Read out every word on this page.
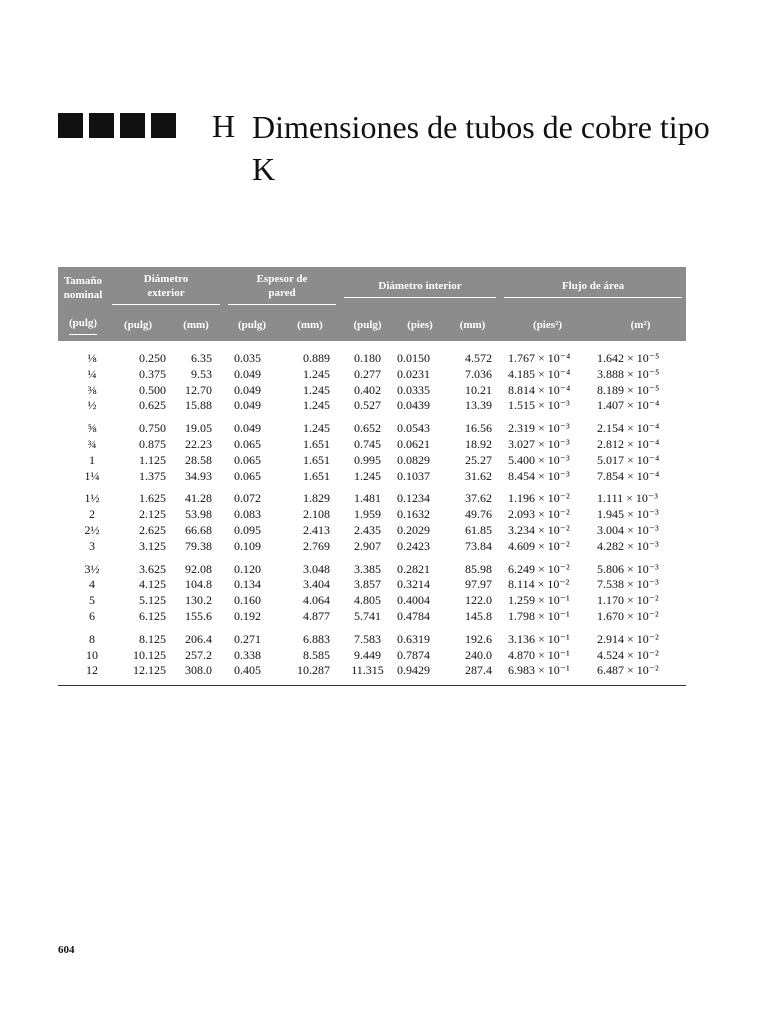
H Dimensiones de tubos de cobre tipo K
Tamaño nominal	Diámetro exterior		Espesor de pared		Diámetro interior			Flujo de área	

(pulg)	(pulg)	(mm)	(pulg)	(mm)	(pulg)	(pies)	(mm)	(pies²)	(m²)
⅛	0.250	6.35	0.035	0.889	0.180	0.0150	4.572	1.767 × 10⁻⁴	1.642 × 10⁻⁵
¼	0.375	9.53	0.049	1.245	0.277	0.0231	7.036	4.185 × 10⁻⁴	3.888 × 10⁻⁵
⅜	0.500	12.70	0.049	1.245	0.402	0.0335	10.21	8.814 × 10⁻⁴	8.189 × 10⁻⁵
½	0.625	15.88	0.049	1.245	0.527	0.0439	13.39	1.515 × 10⁻³	1.407 × 10⁻⁴
⅝	0.750	19.05	0.049	1.245	0.652	0.0543	16.56	2.319 × 10⁻³	2.154 × 10⁻⁴
¾	0.875	22.23	0.065	1.651	0.745	0.0621	18.92	3.027 × 10⁻³	2.812 × 10⁻⁴
1	1.125	28.58	0.065	1.651	0.995	0.0829	25.27	5.400 × 10⁻³	5.017 × 10⁻⁴
1¼	1.375	34.93	0.065	1.651	1.245	0.1037	31.62	8.454 × 10⁻³	7.854 × 10⁻⁴
1½	1.625	41.28	0.072	1.829	1.481	0.1234	37.62	1.196 × 10⁻²	1.111 × 10⁻³
2	2.125	53.98	0.083	2.108	1.959	0.1632	49.76	2.093 × 10⁻²	1.945 × 10⁻³
2½	2.625	66.68	0.095	2.413	2.435	0.2029	61.85	3.234 × 10⁻²	3.004 × 10⁻³
3	3.125	79.38	0.109	2.769	2.907	0.2423	73.84	4.609 × 10⁻²	4.282 × 10⁻³
3½	3.625	92.08	0.120	3.048	3.385	0.2821	85.98	6.249 × 10⁻²	5.806 × 10⁻³
4	4.125	104.8	0.134	3.404	3.857	0.3214	97.97	8.114 × 10⁻²	7.538 × 10⁻³
5	5.125	130.2	0.160	4.064	4.805	0.4004	122.0	1.259 × 10⁻¹	1.170 × 10⁻²
6	6.125	155.6	0.192	4.877	5.741	0.4784	145.8	1.798 × 10⁻¹	1.670 × 10⁻²
8	8.125	206.4	0.271	6.883	7.583	0.6319	192.6	3.136 × 10⁻¹	2.914 × 10⁻²
10	10.125	257.2	0.338	8.585	9.449	0.7874	240.0	4.870 × 10⁻¹	4.524 × 10⁻²
12	12.125	308.0	0.405	10.287	11.315	0.9429	287.4	6.983 × 10⁻¹	6.487 × 10⁻²
604
